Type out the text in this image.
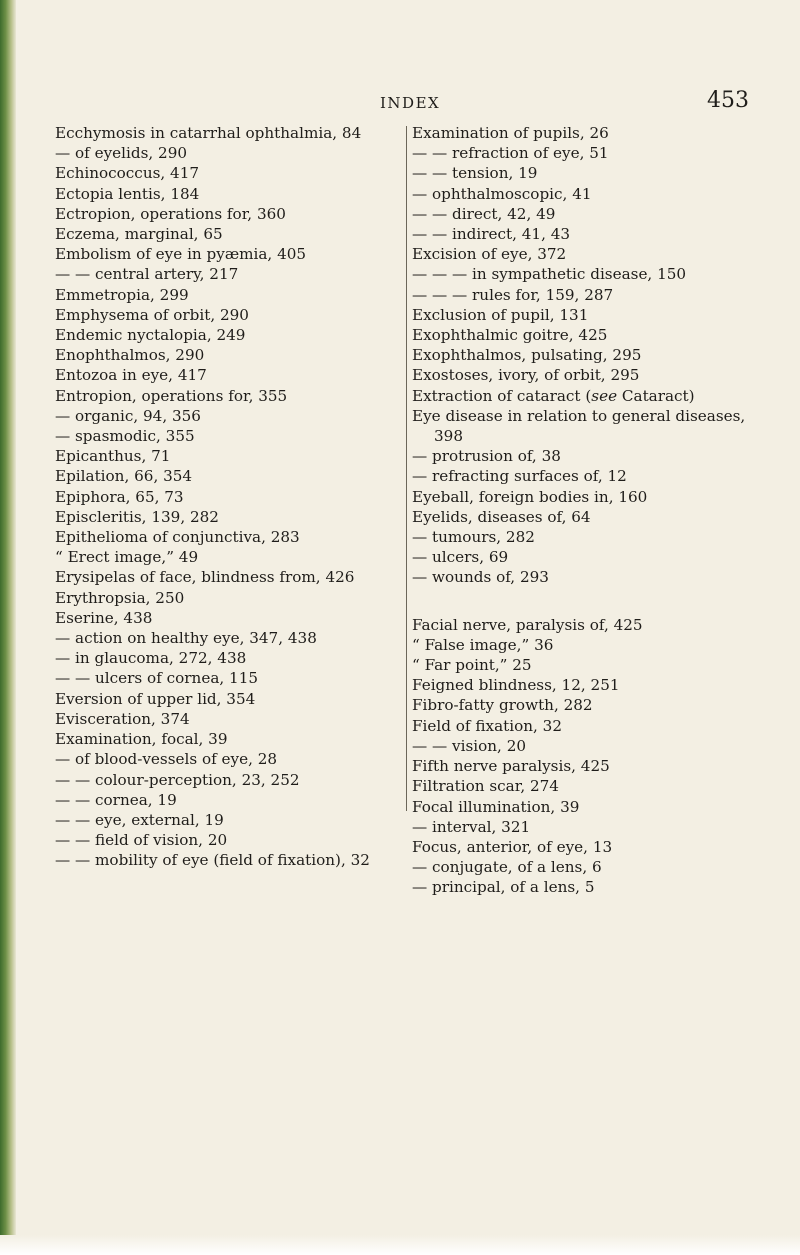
INDEX	453
Ecchymosis in catarrhal ophthalmia, 84
— of eyelids, 290
Echinococcus, 417
Ectopia lentis, 184
Ectropion, operations for, 360
Eczema, marginal, 65
Embolism of eye in pyæmia, 405
— — central artery, 217
Emmetropia, 299
Emphysema of orbit, 290
Endemic nyctalopia, 249
Enophthalmos, 290
Entozoa in eye, 417
Entropion, operations for, 355
— organic, 94, 356
— spasmodic, 355
Epicanthus, 71
Epilation, 66, 354
Epiphora, 65, 73
Episcleritis, 139, 282
Epithelioma of conjunctiva, 283
“ Erect image,” 49
Erysipelas of face, blindness from, 426
Erythropsia, 250
Eserine, 438
— action on healthy eye, 347, 438
— in glaucoma, 272, 438
— — ulcers of cornea, 115
Eversion of upper lid, 354
Evisceration, 374
Examination, focal, 39
— of blood-vessels of eye, 28
— — colour-perception, 23, 252
— — cornea, 19
— — eye, external, 19
— — field of vision, 20
— — mobility of eye (field of fixation), 32
Examination of pupils, 26
— — refraction of eye, 51
— — tension, 19
— ophthalmoscopic, 41
— — direct, 42, 49
— — indirect, 41, 43
Excision of eye, 372
— — — in sympathetic disease, 150
— — — rules for, 159, 287
Exclusion of pupil, 131
Exophthalmic goitre, 425
Exophthalmos, pulsating, 295
Exostoses, ivory, of orbit, 295
Extraction of cataract (see Cataract)
Eye disease in relation to general diseases, 398
— protrusion of, 38
— refracting surfaces of, 12
Eyeball, foreign bodies in, 160
Eyelids, diseases of, 64
— tumours, 282
— ulcers, 69
— wounds of, 293
Facial nerve, paralysis of, 425
“ False image,” 36
“ Far point,” 25
Feigned blindness, 12, 251
Fibro-fatty growth, 282
Field of fixation, 32
— — vision, 20
Fifth nerve paralysis, 425
Filtration scar, 274
Focal illumination, 39
— interval, 321
Focus, anterior, of eye, 13
— conjugate, of a lens, 6
— principal, of a lens, 5
